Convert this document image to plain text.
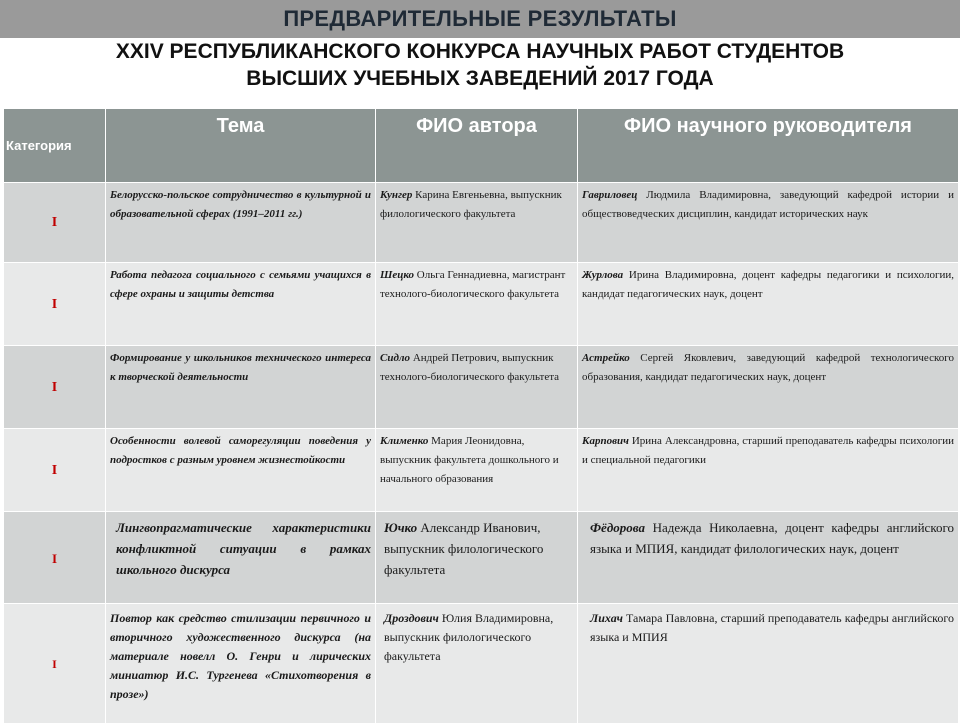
ПРЕДВАРИТЕЛЬНЫЕ РЕЗУЛЬТАТЫ
XXIV РЕСПУБЛИКАНСКОГО КОНКУРСА НАУЧНЫХ РАБОТ СТУДЕНТОВ
ВЫСШИХ УЧЕБНЫХ ЗАВЕДЕНИЙ 2017 ГОДА
Категория	Тема	ФИО автора	ФИО научного руководителя
I	Белорусско-польское сотрудничество в культурной и образовательной сферах (1991–2011 гг.)	Кунгер Карина Евгеньевна, выпускник филологического факультета	Гавриловец Людмила Владимировна, заведующий кафедрой истории и обществоведческих дисциплин, кандидат исторических наук
I	Работа педагога социального с семьями учащихся в сфере охраны и защиты детства	Шецко Ольга Геннадиевна, магистрант технолого-биологического факультета	Журлова Ирина Владимировна, доцент кафедры педагогики и психологии, кандидат педагогических наук, доцент
I	Формирование у школьников технического интереса к творческой деятельности	Сидло Андрей Петрович, выпускник технолого-биологического факультета	Астрейко Сергей Яковлевич, заведующий кафедрой технологического образования, кандидат педагогических наук, доцент
I	Особенности волевой саморегуляции поведения у подростков с разным уровнем жизнестойкости	Клименко Мария Леонидовна, выпускник факультета дошкольного и начального образования	Карпович Ирина Александровна, старший преподаватель кафедры психологии и специальной педагогики
I	Лингвопрагматические характеристики конфликтной ситуации в рамках школьного дискурса	Ючко Александр Иванович, выпускник филологического факультета	Фёдорова Надежда Николаевна, доцент кафедры английского языка и МПИЯ, кандидат филологических наук, доцент
I	Повтор как средство стилизации первичного и вторичного художественного дискурса (на материале новелл О. Генри и лирических миниатюр И.С. Тургенева «Стихотворения в прозе»)	Дроздович Юлия Владимировна, выпускник филологического факультета	Лихач Тамара Павловна, старший преподаватель кафедры английского языка и МПИЯ
